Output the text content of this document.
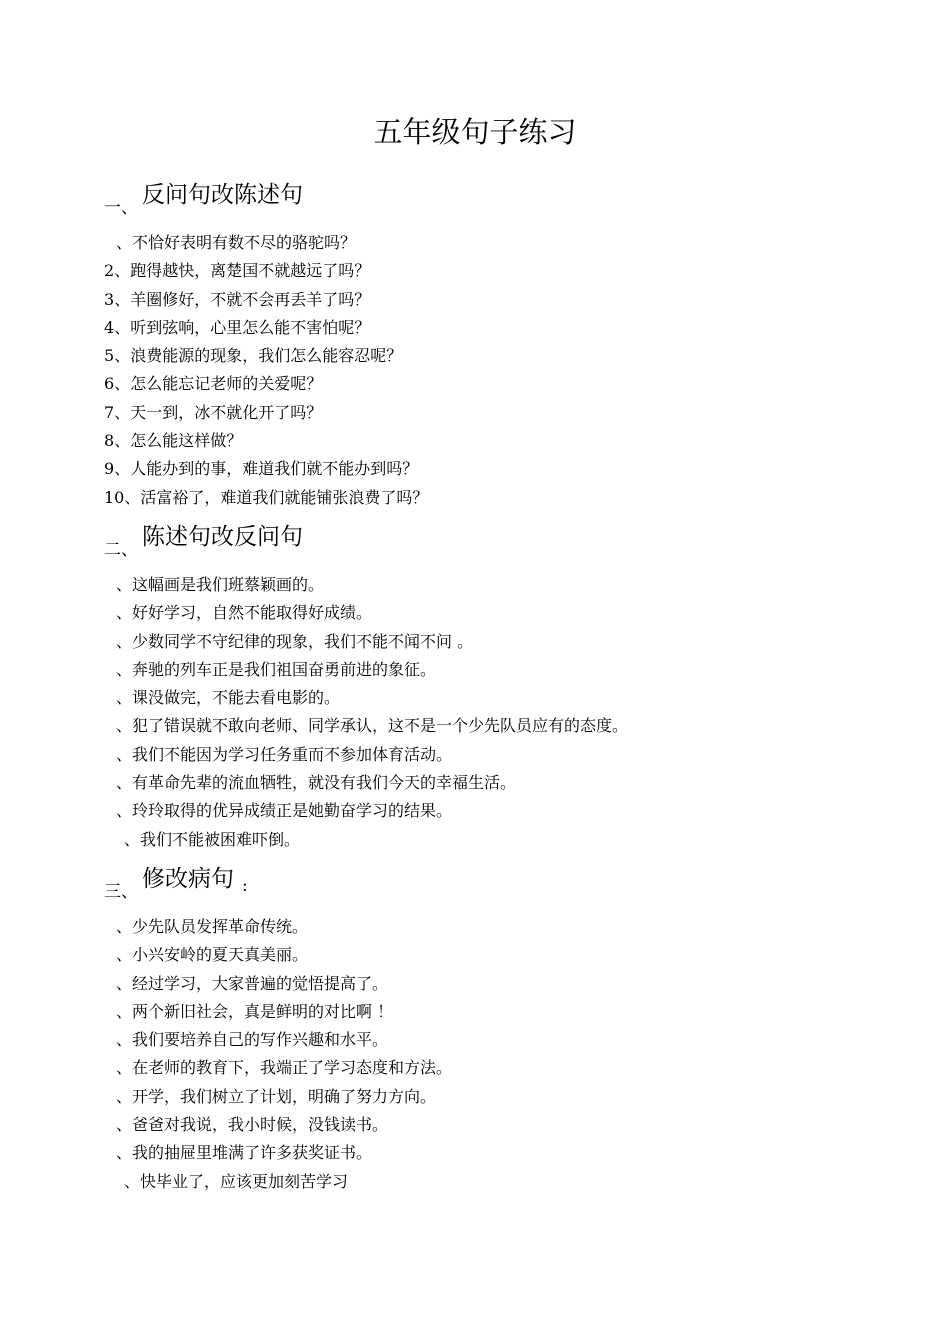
五年级句子练习
一、 反问句改陈述句
、不恰好表明有数不尽的骆驼吗？
2、跑得越快，离楚国不就越远了吗？
3、羊圈修好，不就不会再丢羊了吗？
4、听到弦响，心里怎么能不害怕呢？
5、浪费能源的现象，我们怎么能容忍呢？
6、怎么能忘记老师的关爱呢？
7、天一到，冰不就化开了吗？
8、怎么能这样做？
9、人能办到的事，难道我们就不能办到吗？
10、活富裕了，难道我们就能铺张浪费了吗？
二、 陈述句改反问句
、这幅画是我们班蔡颖画的。
、好好学习，自然不能取得好成绩。
、少数同学不守纪律的现象，我们不能不闻不问 。
、奔驰的列车正是我们祖国奋勇前进的象征。
、课没做完，不能去看电影的。
、犯了错误就不敢向老师、同学承认，这不是一个少先队员应有的态度。
、我们不能因为学习任务重而不参加体育活动。
、有革命先辈的流血牺牲，就没有我们今天的幸福生活。
、玲玲取得的优异成绩正是她勤奋学习的结果。
、我们不能被困难吓倒。
三、 修改病句 :
、少先队员发挥革命传统。
、小兴安岭的夏天真美丽。
、经过学习，大家普遍的觉悟提高了。
、两个新旧社会，真是鲜明的对比啊 ！
、我们要培养自己的写作兴趣和水平。
、在老师的教育下，我端正了学习态度和方法。
、开学，我们树立了计划，明确了努力方向。
、爸爸对我说，我小时候，没钱读书。
、我的抽屉里堆满了许多获奖证书。
、快毕业了，应该更加刻苦学习
